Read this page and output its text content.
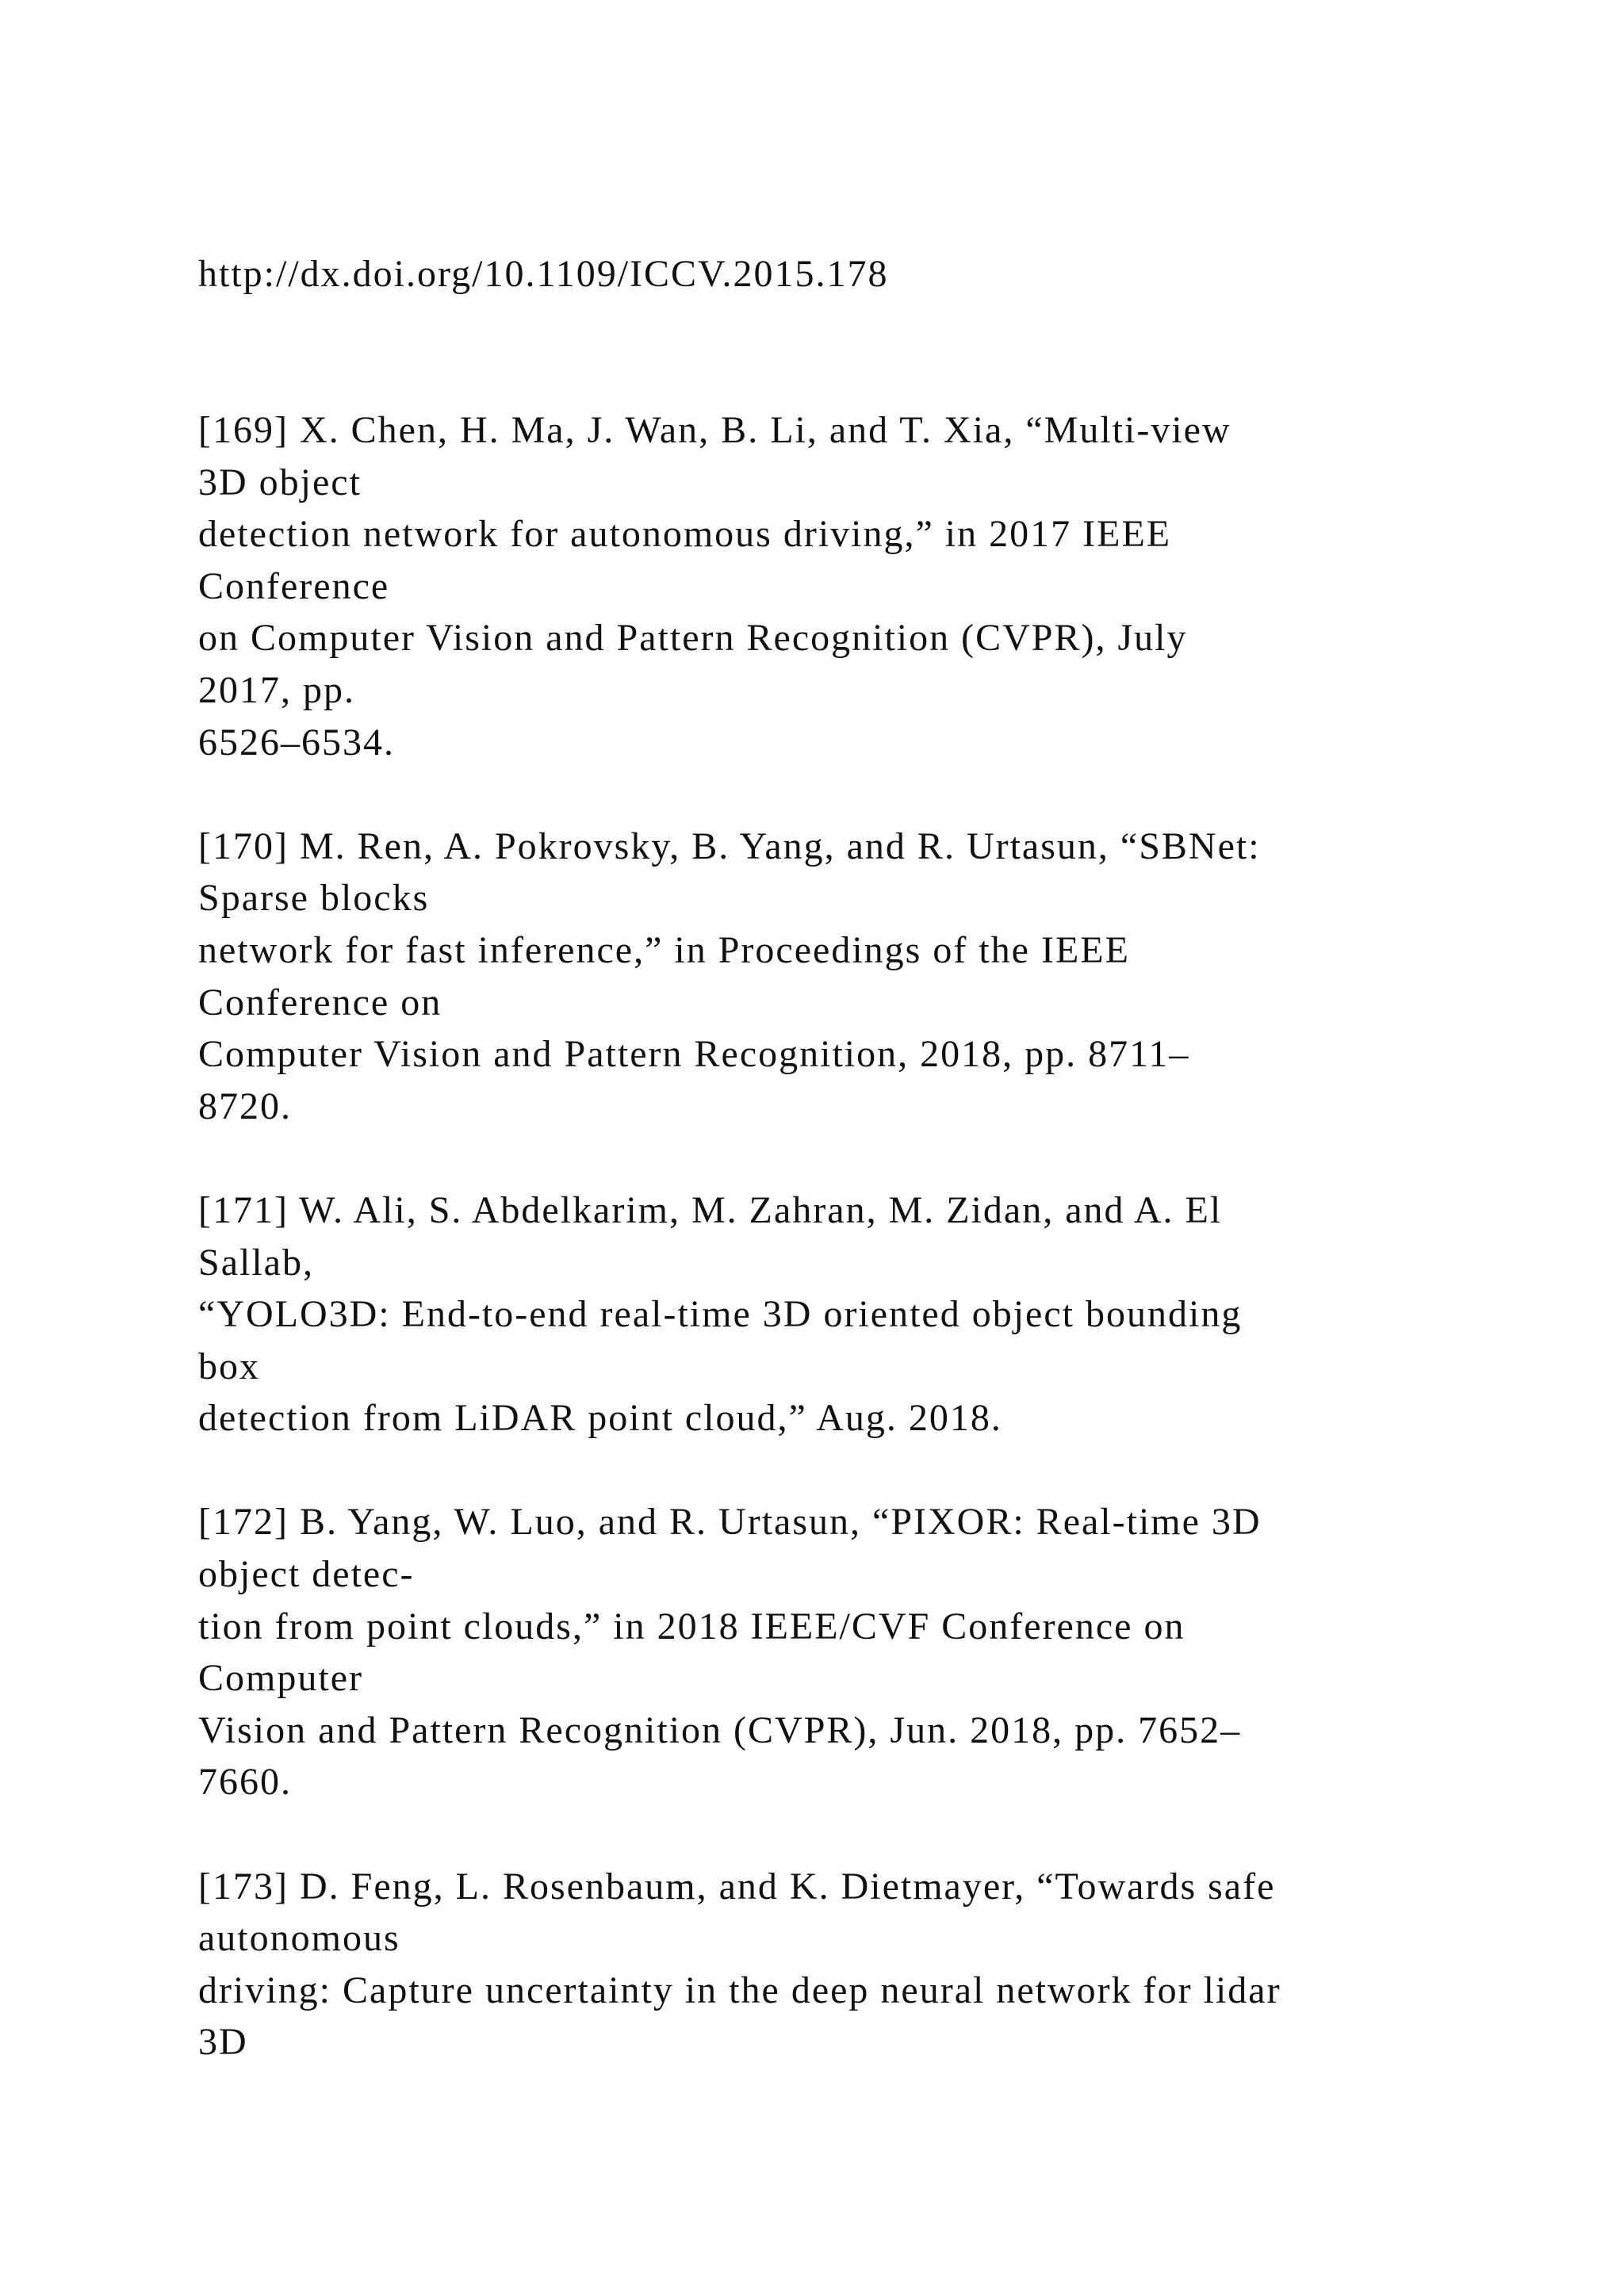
http://dx.doi.org/10.1109/ICCV.2015.178
[169] X. Chen, H. Ma, J. Wan, B. Li, and T. Xia, “Multi-view
3D object
detection network for autonomous driving,” in 2017 IEEE
Conference
on Computer Vision and Pattern Recognition (CVPR), July
2017, pp.
6526–6534.
[170] M. Ren, A. Pokrovsky, B. Yang, and R. Urtasun, “SBNet:
Sparse blocks
network for fast inference,” in Proceedings of the IEEE
Conference on
Computer Vision and Pattern Recognition, 2018, pp. 8711–
8720.
[171] W. Ali, S. Abdelkarim, M. Zahran, M. Zidan, and A. El
Sallab,
“YOLO3D: End-to-end real-time 3D oriented object bounding
box
detection from LiDAR point cloud,” Aug. 2018.
[172] B. Yang, W. Luo, and R. Urtasun, “PIXOR: Real-time 3D
object detec-
tion from point clouds,” in 2018 IEEE/CVF Conference on
Computer
Vision and Pattern Recognition (CVPR), Jun. 2018, pp. 7652–
7660.
[173] D. Feng, L. Rosenbaum, and K. Dietmayer, “Towards safe
autonomous
driving: Capture uncertainty in the deep neural network for lidar
3D
